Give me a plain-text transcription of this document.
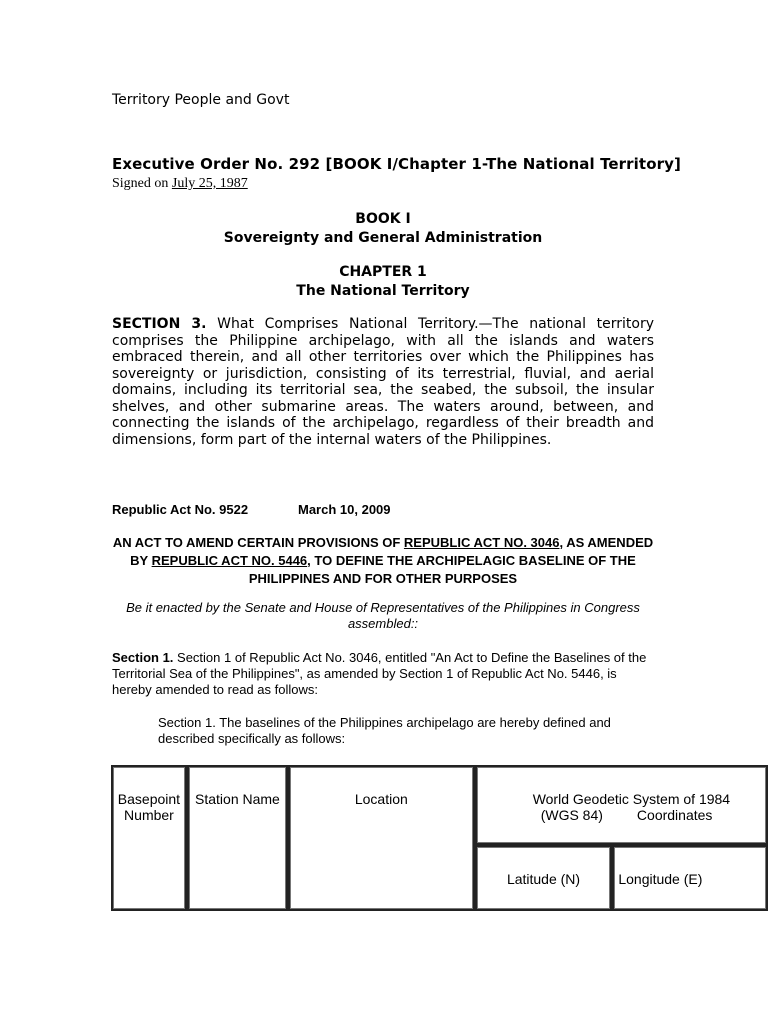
Territory People and Govt
Executive Order No. 292 [BOOK I/Chapter 1-The National Territory]
Signed on July 25, 1987
BOOK I
Sovereignty and General Administration
CHAPTER 1
The National Territory
SECTION 3. What Comprises National Territory.—The national territory comprises the Philippine archipelago, with all the islands and waters embraced therein, and all other territories over which the Philippines has sovereignty or jurisdiction, consisting of its terrestrial, fluvial, and aerial domains, including its territorial sea, the seabed, the subsoil, the insular shelves, and other submarine areas. The waters around, between, and connecting the islands of the archipelago, regardless of their breadth and dimensions, form part of the internal waters of the Philippines.
Republic Act No. 9522	March 10, 2009
AN ACT TO AMEND CERTAIN PROVISIONS OF REPUBLIC ACT NO. 3046, AS AMENDED BY REPUBLIC ACT NO. 5446, TO DEFINE THE ARCHIPELAGIC BASELINE OF THE PHILIPPINES AND FOR OTHER PURPOSES
Be it enacted by the Senate and House of Representatives of the Philippines in Congress assembled::
Section 1. Section 1 of Republic Act No. 3046, entitled "An Act to Define the Baselines of the Territorial Sea of the Philippines", as amended by Section 1 of Republic Act No. 5446, is hereby amended to read as follows:
Section 1. The baselines of the Philippines archipelago are hereby defined and described specifically as follows:
Basepoint Number	Station Name	Location	World Geodetic System of 1984
(WGS 84) Coordinates	

			Latitude (N)	Longitude (E)
